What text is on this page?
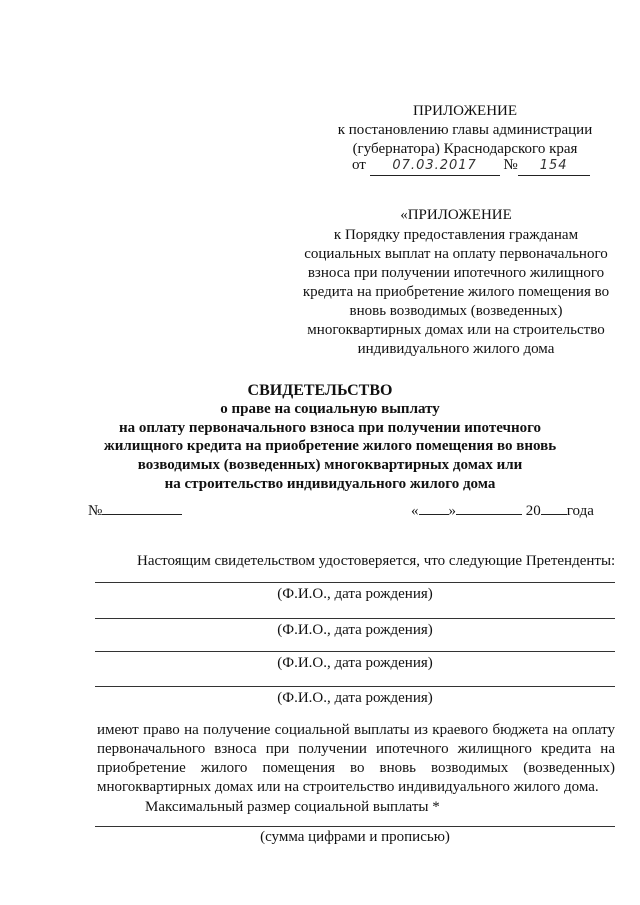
ПРИЛОЖЕНИЕ
к постановлению главы администрации
(губернатора) Краснодарского края
от 07.03.2017 № 154
«ПРИЛОЖЕНИЕ
к Порядку предоставления гражданам
социальных выплат на оплату первоначального
взноса при получении ипотечного жилищного
кредита на приобретение жилого помещения во
вновь возводимых (возведенных)
многоквартирных домах или на строительство
индивидуального жилого дома
СВИДЕТЕЛЬСТВО
о праве на социальную выплату
на оплату первоначального взноса при получении ипотечного
жилищного кредита на приобретение жилого помещения во вновь
возводимых (возведенных) многоквартирных домах или
на строительство индивидуального жилого дома
№	« »	20 года
Настоящим свидетельством удостоверяется, что следующие Претенденты:
(Ф.И.О., дата рождения)
(Ф.И.О., дата рождения)
(Ф.И.О., дата рождения)
(Ф.И.О., дата рождения)
имеют право на получение социальной выплаты из краевого бюджета на оплату
первоначального взноса при получении ипотечного жилищного кредита на
приобретение жилого помещения во вновь возводимых (возведенных)
многоквартирных домах или на строительство индивидуального жилого дома.
Максимальный размер социальной выплаты *
(сумма цифрами и прописью)
